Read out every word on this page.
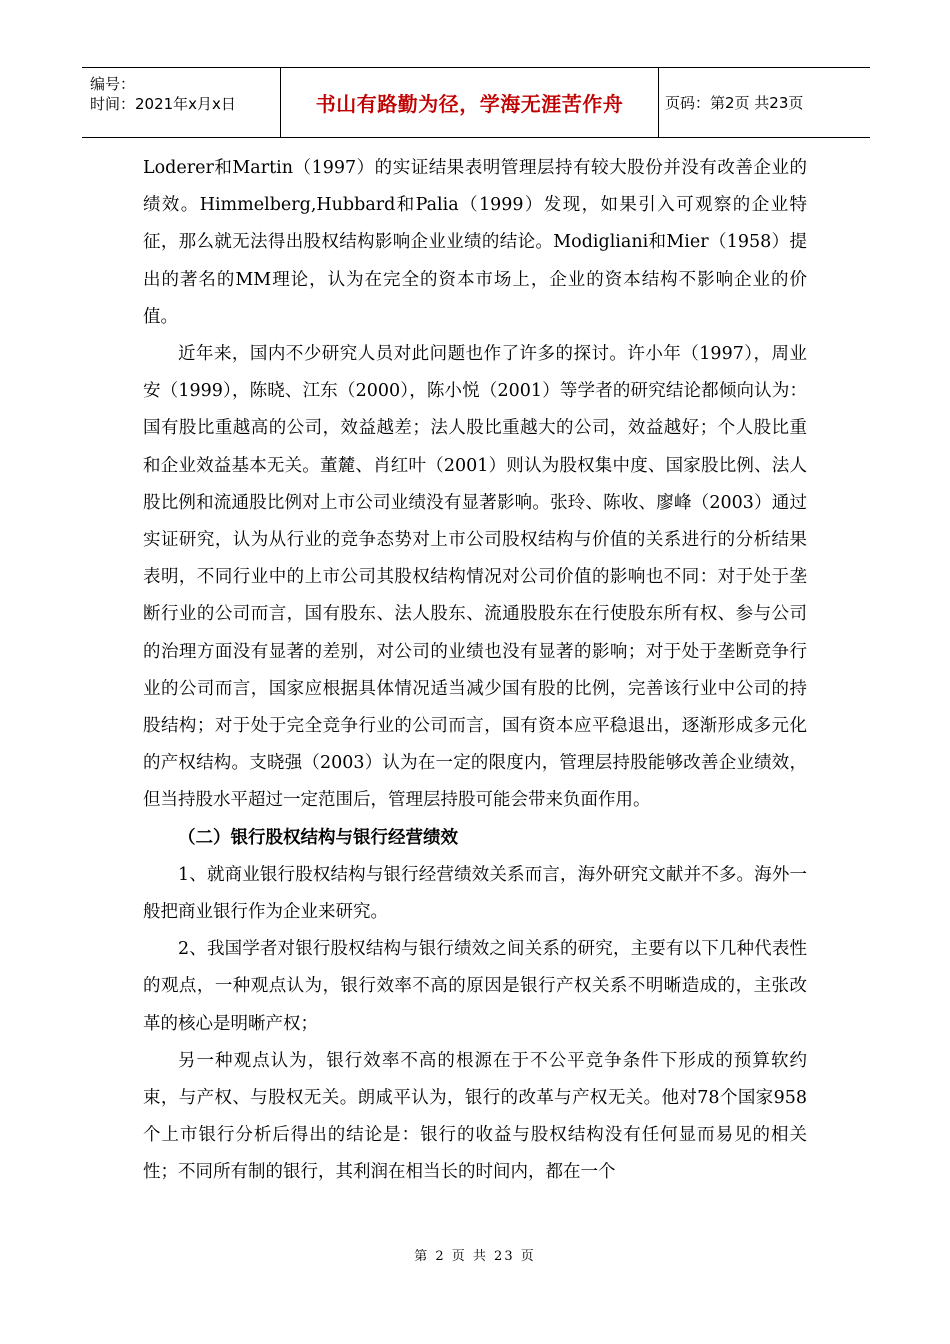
编号：
时间：2021年x月x日	书山有路勤为径，学海无涯苦作舟	页码：第2页 共23页

Loderer和Martin（1997）的实证结果表明管理层持有较大股份并没有改善企业的绩效。Himmelberg,Hubbard和Palia（1999）发现，如果引入可观察的企业特征，那么就无法得出股权结构影响企业业绩的结论。Modigliani和Mier（1958）提出的著名的MM理论，认为在完全的资本市场上，企业的资本结构不影响企业的价值。

近年来，国内不少研究人员对此问题也作了许多的探讨。许小年（1997），周业安（1999），陈晓、江东（2000），陈小悦（2001）等学者的研究结论都倾向认为：国有股比重越高的公司，效益越差；法人股比重越大的公司，效益越好；个人股比重和企业效益基本无关。董麓、肖红叶（2001）则认为股权集中度、国家股比例、法人股比例和流通股比例对上市公司业绩没有显著影响。张玲、陈收、廖峰（2003）通过实证研究，认为从行业的竞争态势对上市公司股权结构与价值的关系进行的分析结果表明，不同行业中的上市公司其股权结构情况对公司价值的影响也不同：对于处于垄断行业的公司而言，国有股东、法人股东、流通股股东在行使股东所有权、参与公司的治理方面没有显著的差别，对公司的业绩也没有显著的影响；对于处于垄断竞争行业的公司而言，国家应根据具体情况适当减少国有股的比例，完善该行业中公司的持股结构；对于处于完全竞争行业的公司而言，国有资本应平稳退出，逐渐形成多元化的产权结构。支晓强（2003）认为在一定的限度内，管理层持股能够改善企业绩效，但当持股水平超过一定范围后，管理层持股可能会带来负面作用。

（二）银行股权结构与银行经营绩效

1、就商业银行股权结构与银行经营绩效关系而言，海外研究文献并不多。海外一般把商业银行作为企业来研究。

2、我国学者对银行股权结构与银行绩效之间关系的研究，主要有以下几种代表性的观点，一种观点认为，银行效率不高的原因是银行产权关系不明晰造成的，主张改革的核心是明晰产权；

另一种观点认为，银行效率不高的根源在于不公平竞争条件下形成的预算软约束，与产权、与股权无关。朗咸平认为，银行的改革与产权无关。他对78个国家958个上市银行分析后得出的结论是：银行的收益与股权结构没有任何显而易见的相关性；不同所有制的银行，其利润在相当长的时间内，都在一个

第 2 页 共 23 页
